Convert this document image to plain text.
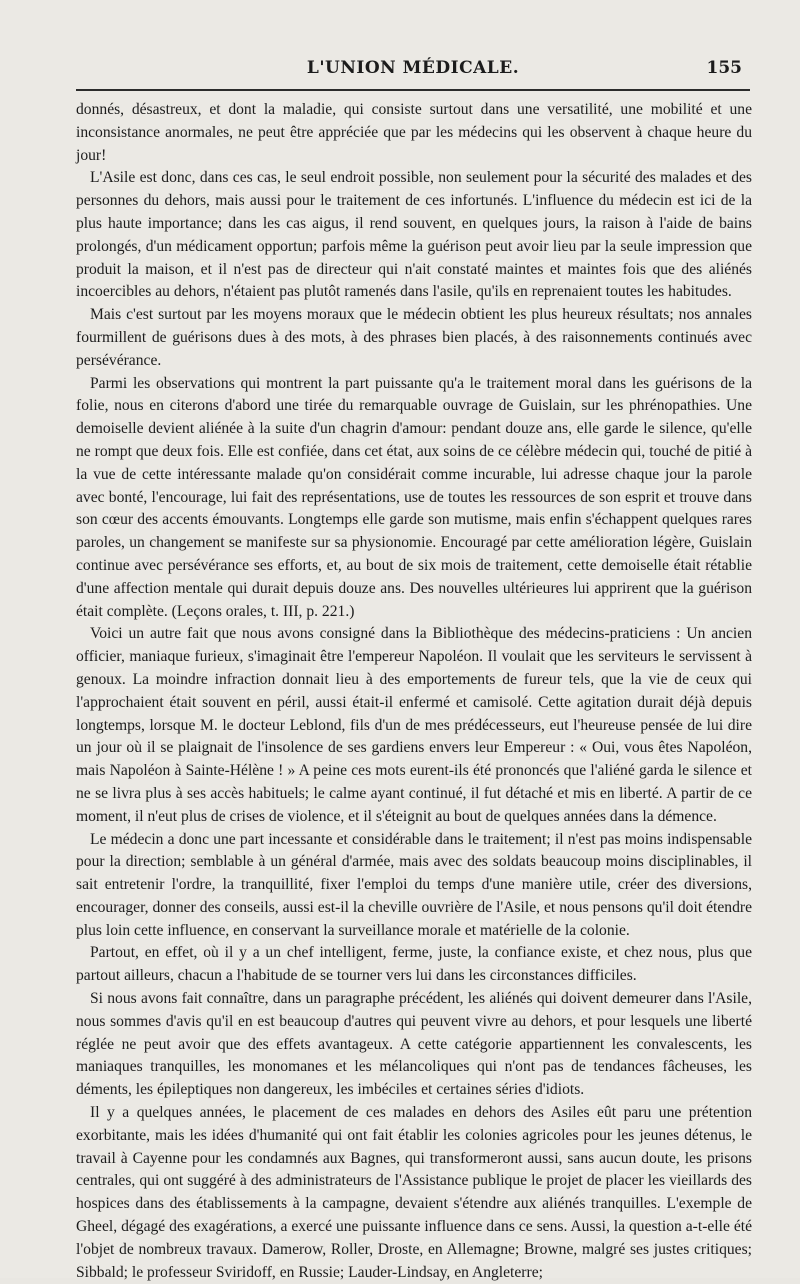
L'UNION MÉDICALE.	155

donnés, désastreux, et dont la maladie, qui consiste surtout dans une versatilité, une mobilité et une inconsistance anormales, ne peut être appréciée que par les médecins qui les observent à chaque heure du jour!

L'Asile est donc, dans ces cas, le seul endroit possible, non seulement pour la sécurité des malades et des personnes du dehors, mais aussi pour le traitement de ces infortunés. L'influence du médecin est ici de la plus haute importance; dans les cas aigus, il rend souvent, en quelques jours, la raison à l'aide de bains prolongés, d'un médicament opportun; parfois même la guérison peut avoir lieu par la seule impression que produit la maison, et il n'est pas de directeur qui n'ait constaté maintes et maintes fois que des aliénés incoercibles au dehors, n'étaient pas plutôt ramenés dans l'asile, qu'ils en reprenaient toutes les habitudes.

Mais c'est surtout par les moyens moraux que le médecin obtient les plus heureux résultats; nos annales fourmillent de guérisons dues à des mots, à des phrases bien placés, à des raisonnements continués avec persévérance.

Parmi les observations qui montrent la part puissante qu'a le traitement moral dans les guérisons de la folie, nous en citerons d'abord une tirée du remarquable ouvrage de Guislain, sur les phrénopathies. Une demoiselle devient aliénée à la suite d'un chagrin d'amour: pendant douze ans, elle garde le silence, qu'elle ne rompt que deux fois. Elle est confiée, dans cet état, aux soins de ce célèbre médecin qui, touché de pitié à la vue de cette intéressante malade qu'on considérait comme incurable, lui adresse chaque jour la parole avec bonté, l'encourage, lui fait des représentations, use de toutes les ressources de son esprit et trouve dans son cœur des accents émouvants. Longtemps elle garde son mutisme, mais enfin s'échappent quelques rares paroles, un changement se manifeste sur sa physionomie. Encouragé par cette amélioration légère, Guislain continue avec persévérance ses efforts, et, au bout de six mois de traitement, cette demoiselle était rétablie d'une affection mentale qui durait depuis douze ans. Des nouvelles ultérieures lui apprirent que la guérison était complète. (Leçons orales, t. III, p. 221.)

Voici un autre fait que nous avons consigné dans la Bibliothèque des médecins-praticiens : Un ancien officier, maniaque furieux, s'imaginait être l'empereur Napoléon. Il voulait que les serviteurs le servissent à genoux. La moindre infraction donnait lieu à des emportements de fureur tels, que la vie de ceux qui l'approchaient était souvent en péril, aussi était-il enfermé et camisolé. Cette agitation durait déjà depuis longtemps, lorsque M. le docteur Leblond, fils d'un de mes prédécesseurs, eut l'heureuse pensée de lui dire un jour où il se plaignait de l'insolence de ses gardiens envers leur Empereur : « Oui, vous êtes Napoléon, mais Napoléon à Sainte-Hélène ! » A peine ces mots eurent-ils été prononcés que l'aliéné garda le silence et ne se livra plus à ses accès habituels; le calme ayant continué, il fut détaché et mis en liberté. A partir de ce moment, il n'eut plus de crises de violence, et il s'éteignit au bout de quelques années dans la démence.

Le médecin a donc une part incessante et considérable dans le traitement; il n'est pas moins indispensable pour la direction; semblable à un général d'armée, mais avec des soldats beaucoup moins disciplinables, il sait entretenir l'ordre, la tranquillité, fixer l'emploi du temps d'une manière utile, créer des diversions, encourager, donner des conseils, aussi est-il la cheville ouvrière de l'Asile, et nous pensons qu'il doit étendre plus loin cette influence, en conservant la surveillance morale et matérielle de la colonie.

Partout, en effet, où il y a un chef intelligent, ferme, juste, la confiance existe, et chez nous, plus que partout ailleurs, chacun a l'habitude de se tourner vers lui dans les circonstances difficiles.

Si nous avons fait connaître, dans un paragraphe précédent, les aliénés qui doivent demeurer dans l'Asile, nous sommes d'avis qu'il en est beaucoup d'autres qui peuvent vivre au dehors, et pour lesquels une liberté réglée ne peut avoir que des effets avantageux. A cette catégorie appartiennent les convalescents, les maniaques tranquilles, les monomanes et les mélancoliques qui n'ont pas de tendances fâcheuses, les déments, les épileptiques non dangereux, les imbéciles et certaines séries d'idiots.

Il y a quelques années, le placement de ces malades en dehors des Asiles eût paru une prétention exorbitante, mais les idées d'humanité qui ont fait établir les colonies agricoles pour les jeunes détenus, le travail à Cayenne pour les condamnés aux Bagnes, qui transformeront aussi, sans aucun doute, les prisons centrales, qui ont suggéré à des administrateurs de l'Assistance publique le projet de placer les vieillards des hospices dans des établissements à la campagne, devaient s'étendre aux aliénés tranquilles. L'exemple de Gheel, dégagé des exagérations, a exercé une puissante influence dans ce sens. Aussi, la question a-t-elle été l'objet de nombreux travaux. Damerow, Roller, Droste, en Allemagne; Browne, malgré ses justes critiques; Sibbald; le professeur Sviridoff, en Russie; Lauder-Lindsay, en Angleterre;
